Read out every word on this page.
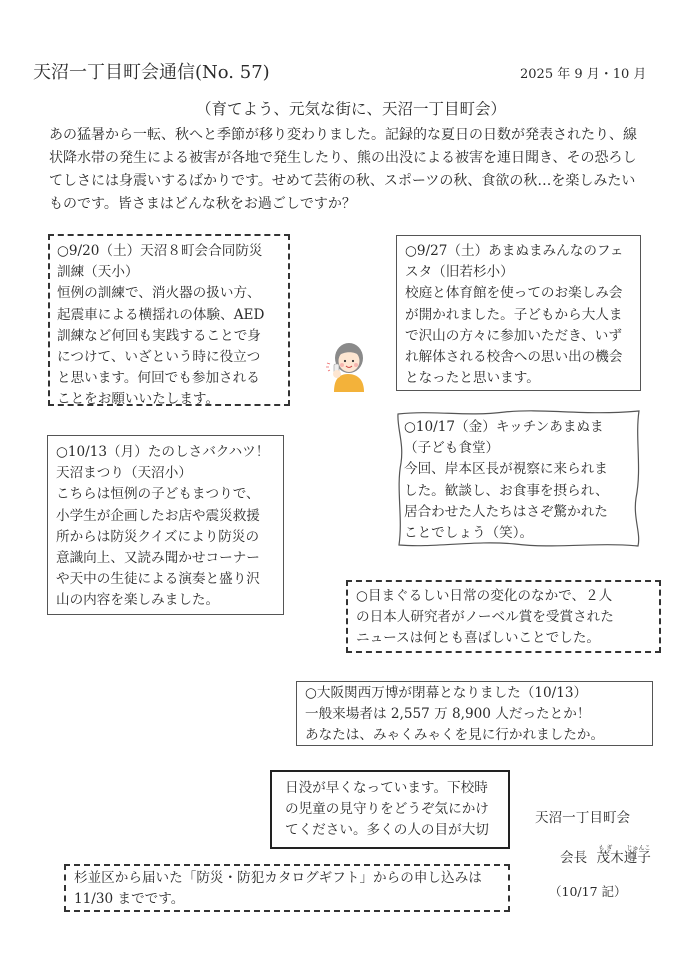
天沼一丁目町会通信(No. 57)	2025 年 9 月・10 月
（育てよう、元気な街に、天沼一丁目町会）
あの猛暑から一転、秋へと季節が移り変わりました。記録的な夏日の日数が発表されたり、線
状降水帯の発生による被害が各地で発生したり、熊の出没による被害を連日聞き、その恐ろし
てしさには身震いするばかりです。せめて芸術の秋、スポーツの秋、食欲の秋…を楽しみたい
ものです。皆さまはどんな秋をお過ごしですか？
○9/20（土）天沼８町会合同防災
訓練（天小）
恒例の訓練で、消火器の扱い方、
起震車による横揺れの体験、AED
訓練など何回も実践することで身
につけて、いざという時に役立つ
と思います。何回でも参加される
ことをお願いいたします。
○9/27（土）あまぬまみんなのフェ
スタ（旧若杉小）
校庭と体育館を使ってのお楽しみ会
が開かれました。子どもから大人ま
で沢山の方々に参加いただき、いず
れ解体される校舎への思い出の機会
となったと思います。
○10/17（金）キッチンあまぬま
（子ども食堂）
今回、岸本区長が視察に来られま
した。歓談し、お食事を摂られ、
居合わせた人たちはさぞ驚かれた
ことでしょう（笑）。
○10/13（月）たのしさバクハツ！
天沼まつり（天沼小）
こちらは恒例の子どもまつりで、
小学生が企画したお店や震災救援
所からは防災クイズにより防災の
意識向上、又読み聞かせコーナー
や天中の生徒による演奏と盛り沢
山の内容を楽しみました。	○目まぐるしい日常の変化のなかで、２人
の日本人研究者がノーベル賞を受賞された
ニュースは何とも喜ばしいことでした。
○大阪関西万博が閉幕となりました（10/13）
一般来場者は 2,557 万 8,900 人だったとか！
あなたは、みゃくみゃくを見に行かれましたか。
日没が早くなっています。下校時
の児童の見守りをどうぞ気にかけ
てください。多くの人の目が大切
杉並区から届いた「防災・防犯カタログギフト」からの申し込みは
11/30 までです。
天沼一丁目町会
会長
も ぎ じゅんこ
茂木遵子
（10/17 記）
